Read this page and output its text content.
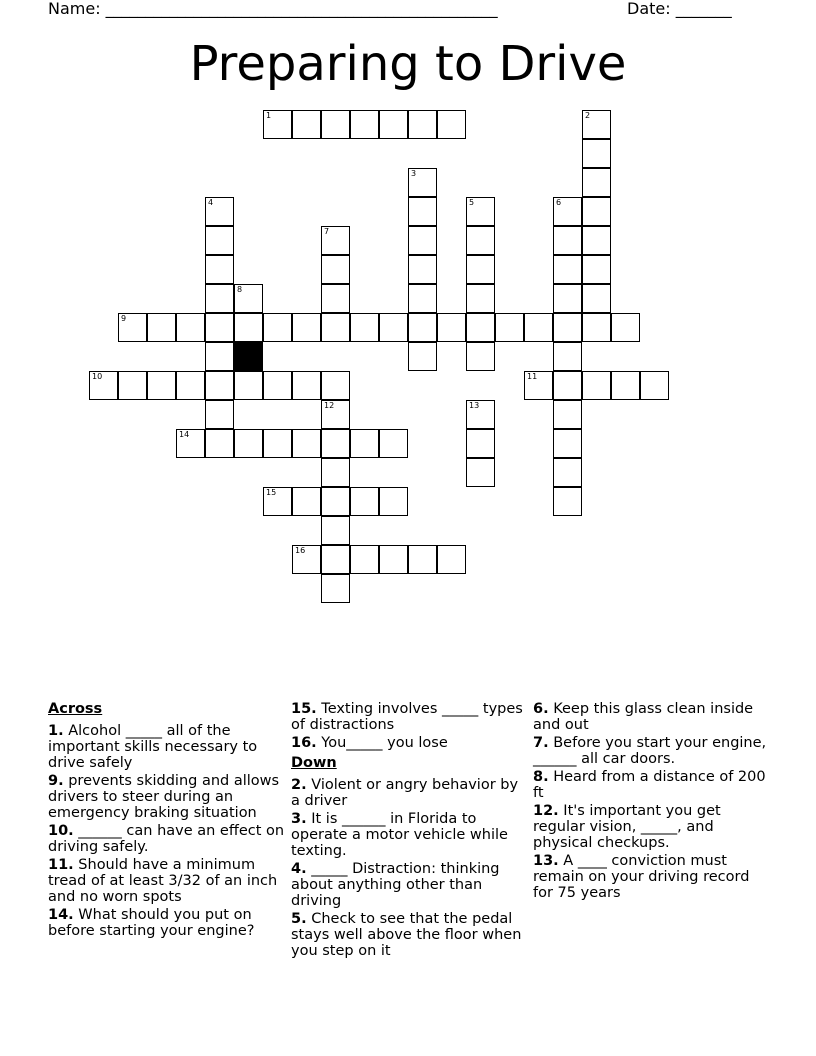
Name: _________________________________________________	Date: _______
Preparing to Drive
1	2
3
4	5	6
7
8
9
10	11
12	13
14
15
16
Across
1. Alcohol _____ all of the important skills necessary to drive safely
9. prevents skidding and allows drivers to steer during an emergency braking situation
10. ______ can have an effect on driving safely.
11. Should have a minimum tread of at least 3/32 of an inch and no worn spots
14. What should you put on before starting your engine?
15. Texting involves _____ types of distractions
16. You_____ you lose
Down
2. Violent or angry behavior by a driver
3. It is ______ in Florida to operate a motor vehicle while texting.
4. _____ Distraction: thinking about anything other than driving
5. Check to see that the pedal stays well above the floor when you step on it
6. Keep this glass clean inside and out
7. Before you start your engine, ______ all car doors.
8. Heard from a distance of 200 ft
12. It's important you get regular vision, _____, and physical checkups.
13. A ____ conviction must remain on your driving record for 75 years
